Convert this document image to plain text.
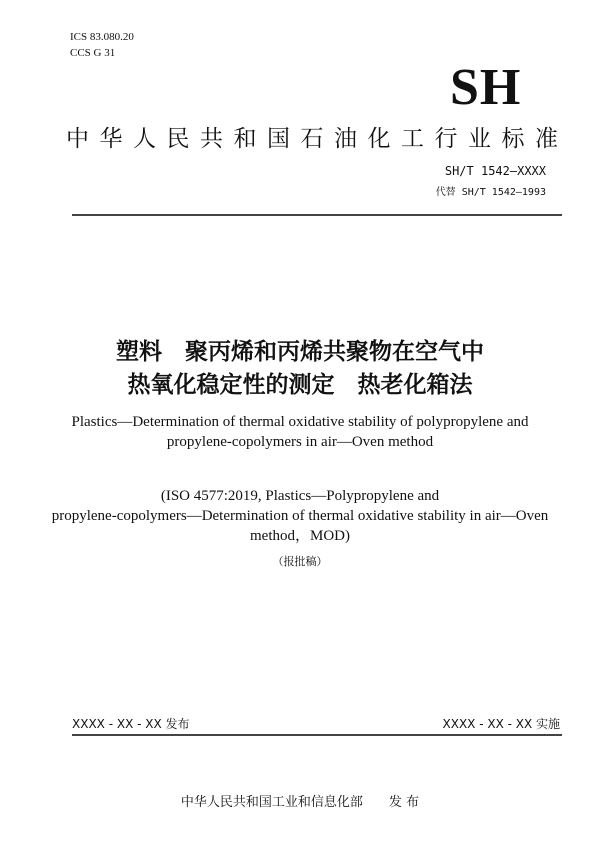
ICS 83.080.20
CCS G 31
SH
中华人民共和国石油化工行业标准
SH/T 1542—XXXX
代替 SH/T 1542—1993
塑料　聚丙烯和丙烯共聚物在空气中
热氧化稳定性的测定　热老化箱法
Plastics—Determination of thermal oxidative stability of polypropylene and
propylene-copolymers in air—Oven method
(ISO 4577:2019, Plastics—Polypropylene and
propylene-copolymers—Determination of thermal oxidative stability in air—Oven
method，MOD)
（报批稿）
XXXX - XX - XX 发布	XXXX - XX - XX 实施
中华人民共和国工业和信息化部　　发 布
